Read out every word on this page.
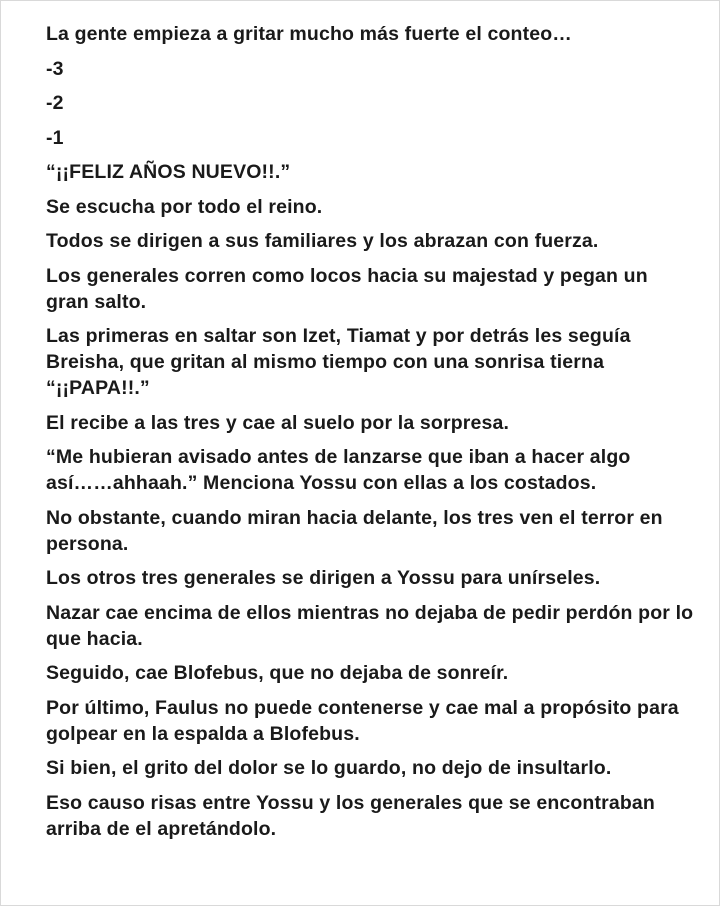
La gente empieza a gritar mucho más fuerte el conteo…

-3

-2

-1

“¡¡FELIZ AÑOS NUEVO!!.”

Se escucha por todo el reino.

Todos se dirigen a sus familiares y los abrazan con fuerza.

Los generales corren como locos hacia su majestad y pegan un gran salto.

Las primeras en saltar son Izet, Tiamat y por detrás les seguía Breisha, que gritan al mismo tiempo con una sonrisa tierna “¡¡PAPA!!.”

El recibe a las tres y cae al suelo por la sorpresa.

“Me hubieran avisado antes de lanzarse que iban a hacer algo así……ahhaah.” Menciona Yossu con ellas a los costados.

No obstante, cuando miran hacia delante, los tres ven el terror en persona.

Los otros tres generales se dirigen a Yossu para unírseles.

Nazar cae encima de ellos mientras no dejaba de pedir perdón por lo que hacia.

Seguido, cae Blofebus, que no dejaba de sonreír.

Por último, Faulus no puede contenerse y cae mal a propósito para golpear en la espalda a Blofebus.

Si bien, el grito del dolor se lo guardo, no dejo de insultarlo.

Eso causo risas entre Yossu y los generales que se encontraban arriba de el apretándolo.
